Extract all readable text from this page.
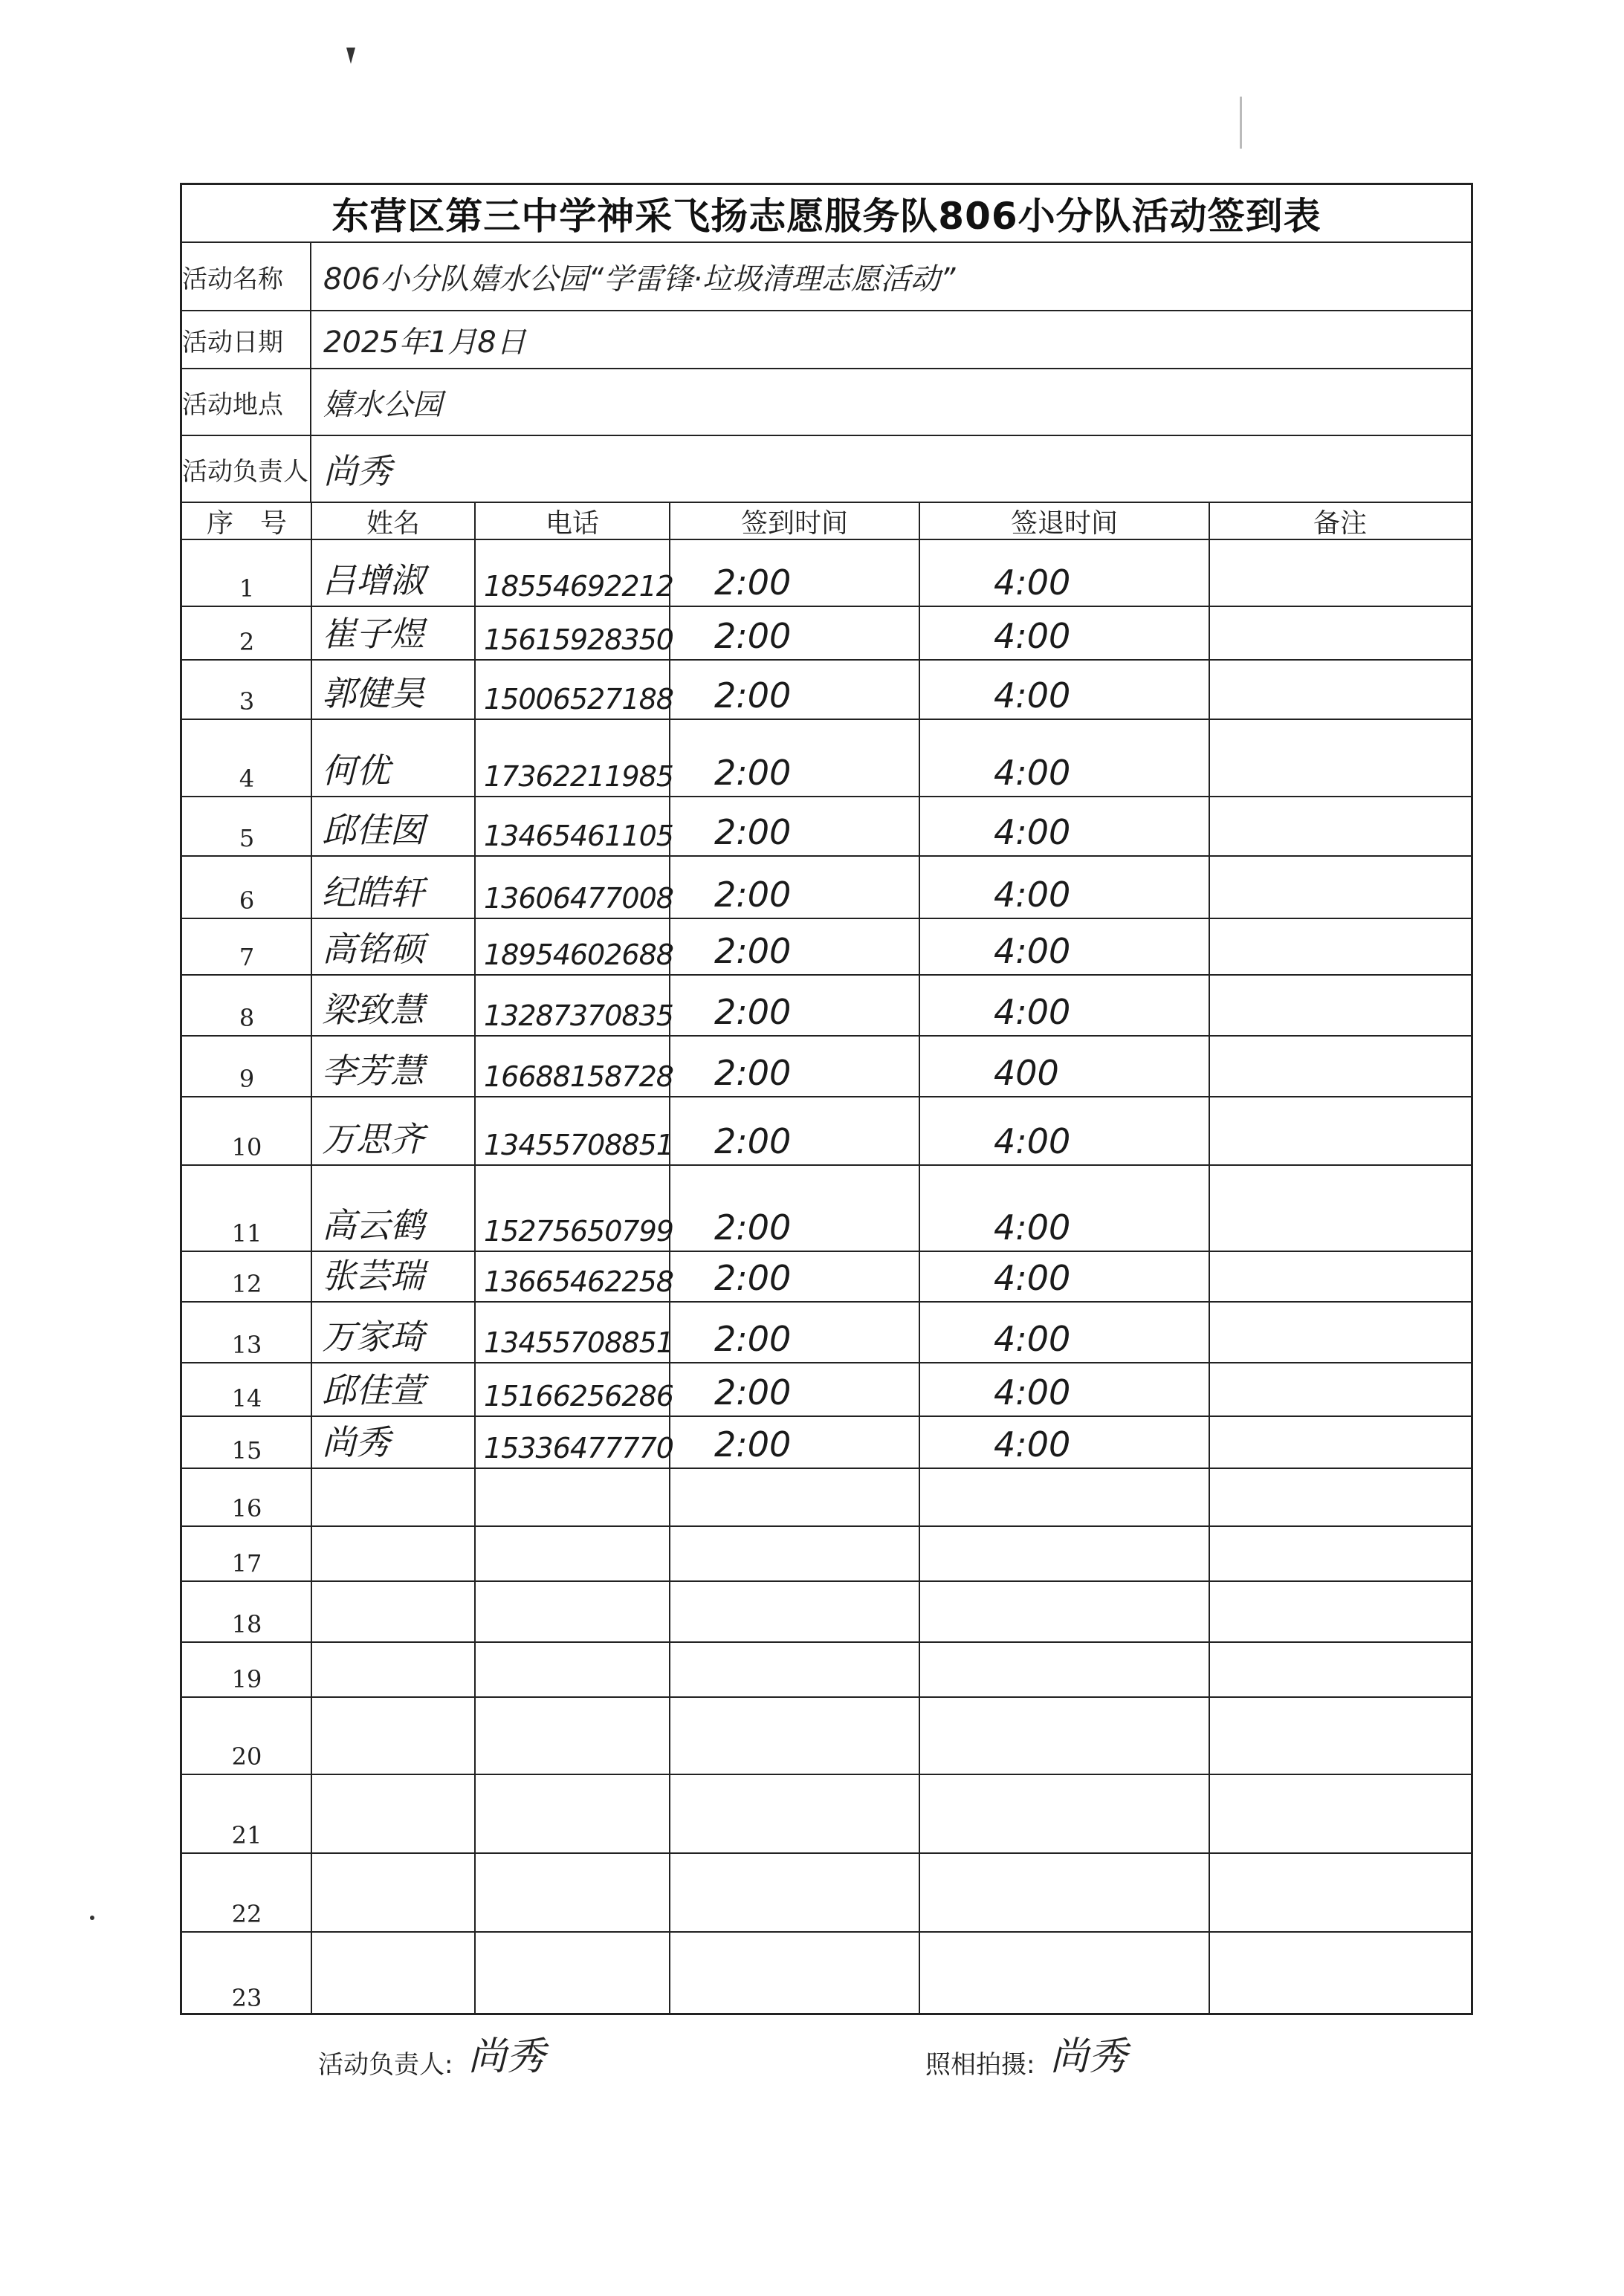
东营区第三中学神采飞扬志愿服务队806小分队活动签到表
活动名称	806小分队嬉水公园“学雷锋·垃圾清理志愿活动”
活动日期	2025年1月8日
活动地点	嬉水公园
活动负责人 尚秀
序　号	姓名	电话	签到时间	签退时间	备注
1	吕增淑	18554692212	2:00	4:00
2	崔子煜	15615928350	2:00	4:00
3	郭健昊	15006527188	2:00	4:00
4	何优	17362211985	2:00	4:00
5	邱佳囡	13465461105	2:00	4:00
6	纪皓轩	13606477008	2:00	4:00
7	高铭硕	18954602688	2:00	4:00
8	梁致慧	13287370835	2:00	4:00
9	李芳慧	16688158728	2:00	400
10	万思齐	13455708851	2:00	4:00
11	高云鹤	15275650799	2:00	4:00
12	张芸瑞	13665462258	2:00	4:00
13	万家琦	13455708851	2:00	4:00
14	邱佳萱	15166256286	2:00	4:00
15	尚秀	15336477770	2:00	4:00
16
17
18
19
20
21
22
23
活动负责人: 尚秀	照相拍摄: 尚秀
